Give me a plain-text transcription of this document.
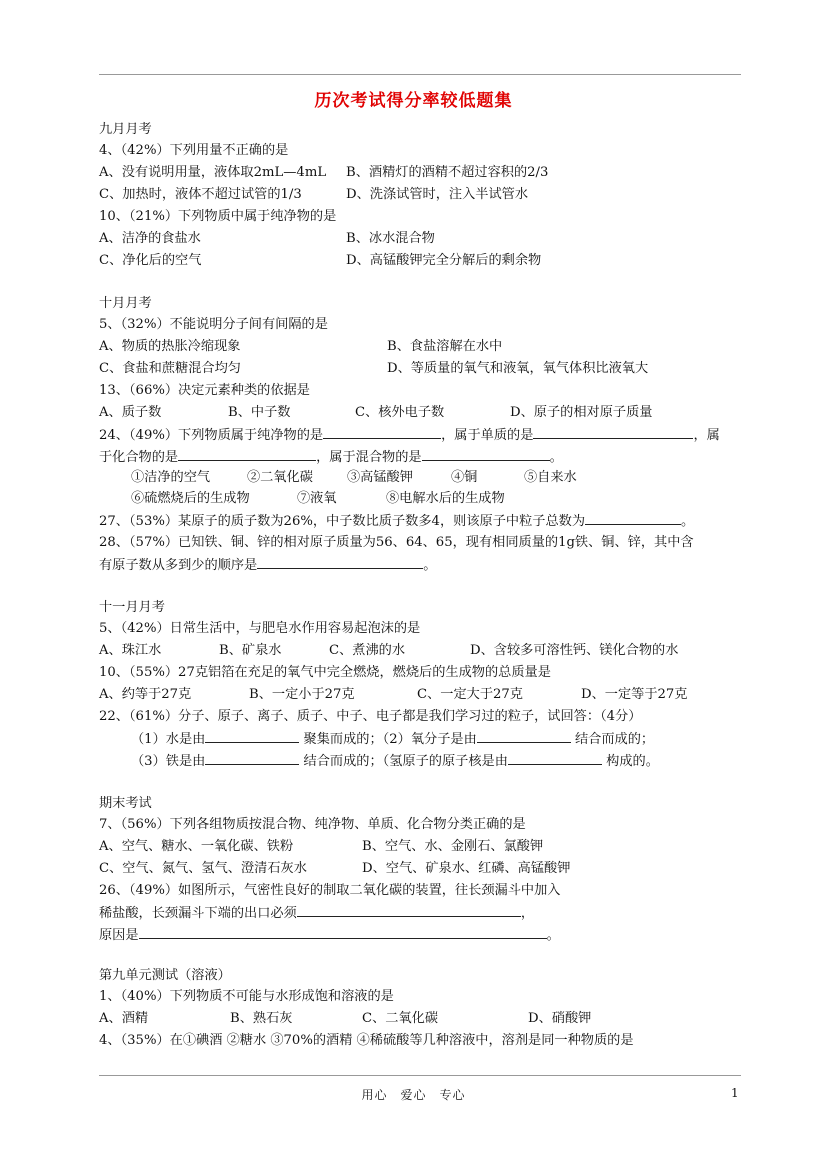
历次考试得分率较低题集
九月月考
4、（42%）下列用量不正确的是
A、没有说明用量，液体取2mL—4mL B、酒精灯的酒精不超过容积的2/3
C、加热时，液体不超过试管的1/3	D、洗涤试管时，注入半试管水
10、（21%）下列物质中属于纯净物的是
A、洁净的食盐水	B、冰水混合物
C、净化后的空气	D、高锰酸钾完全分解后的剩余物
十月月考
5、（32%）不能说明分子间有间隔的是
A、物质的热胀冷缩现象	B、食盐溶解在水中
C、食盐和蔗糖混合均匀	D、等质量的氧气和液氧，氧气体积比液氧大
13、（66%）决定元素种类的依据是
A、质子数	B、中子数	C、核外电子数	D、原子的相对原子质量
24、（49%）下列物质属于纯净物的是	，属于单质的是	，属
于化合物的是	，属于混合物的是	。
①洁净的空气	②二氧化碳	③高锰酸钾	④铜	⑤自来水
⑥硫燃烧后的生成物	⑦液氧	⑧电解水后的生成物
27、（53%）某原子的质子数为26%，中子数比质子数多4，则该原子中粒子总数为	。
28、（57%）已知铁、铜、锌的相对原子质量为56、64、65，现有相同质量的1g铁、铜、锌，其中含
有原子数从多到少的顺序是	。
十一月月考
5、（42%）日常生活中，与肥皂水作用容易起泡沫的是
A、珠江水	B、矿泉水	C、煮沸的水	D、含较多可溶性钙、镁化合物的水
10、（55%）27克铝箔在充足的氧气中完全燃烧，燃烧后的生成物的总质量是
A、约等于27克	B、一定小于27克	C、一定大于27克	D、一定等于27克
22、（61%）分子、原子、离子、质子、中子、电子都是我们学习过的粒子，试回答：（4分）
（1）水是由	聚集而成的；（2）氧分子是由	结合而成的；
（3）铁是由	结合而成的；（氢原子的原子核是由	构成的。
期末考试
7、（56%）下列各组物质按混合物、纯净物、单质、化合物分类正确的是
A、空气、糖水、一氧化碳、铁粉	B、空气、水、金刚石、氯酸钾
C、空气、氮气、氢气、澄清石灰水	D、空气、矿泉水、红磷、高锰酸钾
26、（49%）如图所示，气密性良好的制取二氧化碳的装置，往长颈漏斗中加入
稀盐酸，长颈漏斗下端的出口必须	，
原因是	。
第九单元测试（溶液）
1、（40%）下列物质不可能与水形成饱和溶液的是
A、酒精	B、熟石灰	C、二氧化碳	D、硝酸钾
4、（35%）在①碘酒 ②糖水 ③70%的酒精 ④稀硫酸等几种溶液中，溶剂是同一种物质的是
用心　爱心　专心	1
